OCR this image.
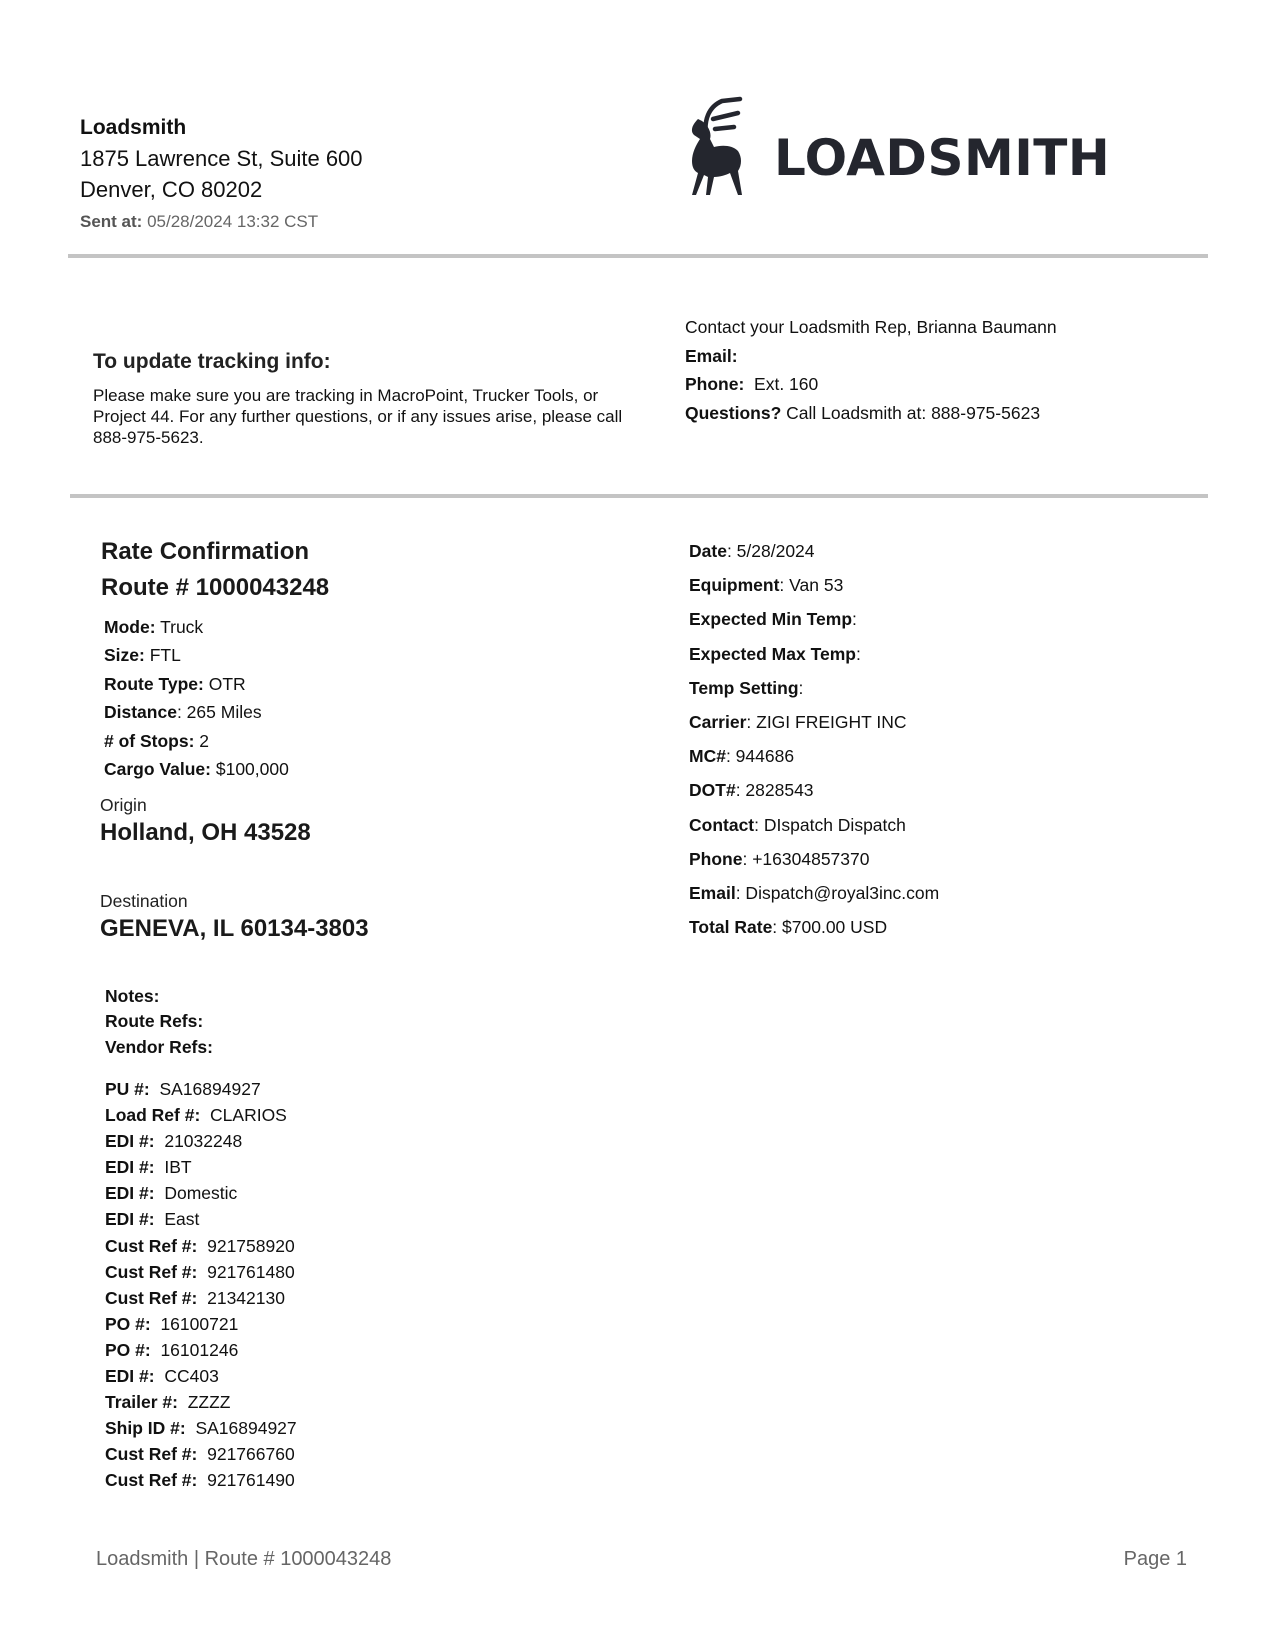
Loadsmith
1875 Lawrence St, Suite 600
Denver, CO 80202
Sent at: 05/28/2024 13:32 CST
LOADSMITH
To update tracking info:

Please make sure you are tracking in MacroPoint, Trucker Tools, or Project 44. For any further questions, or if any issues arise, please call 888-975-5623.

Contact your Loadsmith Rep, Brianna Baumann
Email:
Phone: Ext. 160
Questions? Call Loadsmith at: 888-975-5623
Rate Confirmation
Route # 1000043248
Mode: Truck
Size: FTL
Route Type: OTR
Distance: 265 Miles
# of Stops: 2
Cargo Value: $100,000
Origin
Holland, OH 43528
Destination
GENEVA, IL 60134-3803
Date: 5/28/2024
Equipment: Van 53
Expected Min Temp:
Expected Max Temp:
Temp Setting:
Carrier: ZIGI FREIGHT INC
MC#: 944686
DOT#: 2828543
Contact: DIspatch Dispatch
Phone: +16304857370
Email: Dispatch@royal3inc.com
Total Rate: $700.00 USD
Notes:
Route Refs:
Vendor Refs:
PU #: SA16894927
Load Ref #: CLARIOS
EDI #: 21032248
EDI #: IBT
EDI #: Domestic
EDI #: East
Cust Ref #: 921758920
Cust Ref #: 921761480
Cust Ref #: 21342130
PO #: 16100721
PO #: 16101246
EDI #: CC403
Trailer #: ZZZZ
Ship ID #: SA16894927
Cust Ref #: 921766760
Cust Ref #: 921761490
Loadsmith | Route # 1000043248	Page 1
